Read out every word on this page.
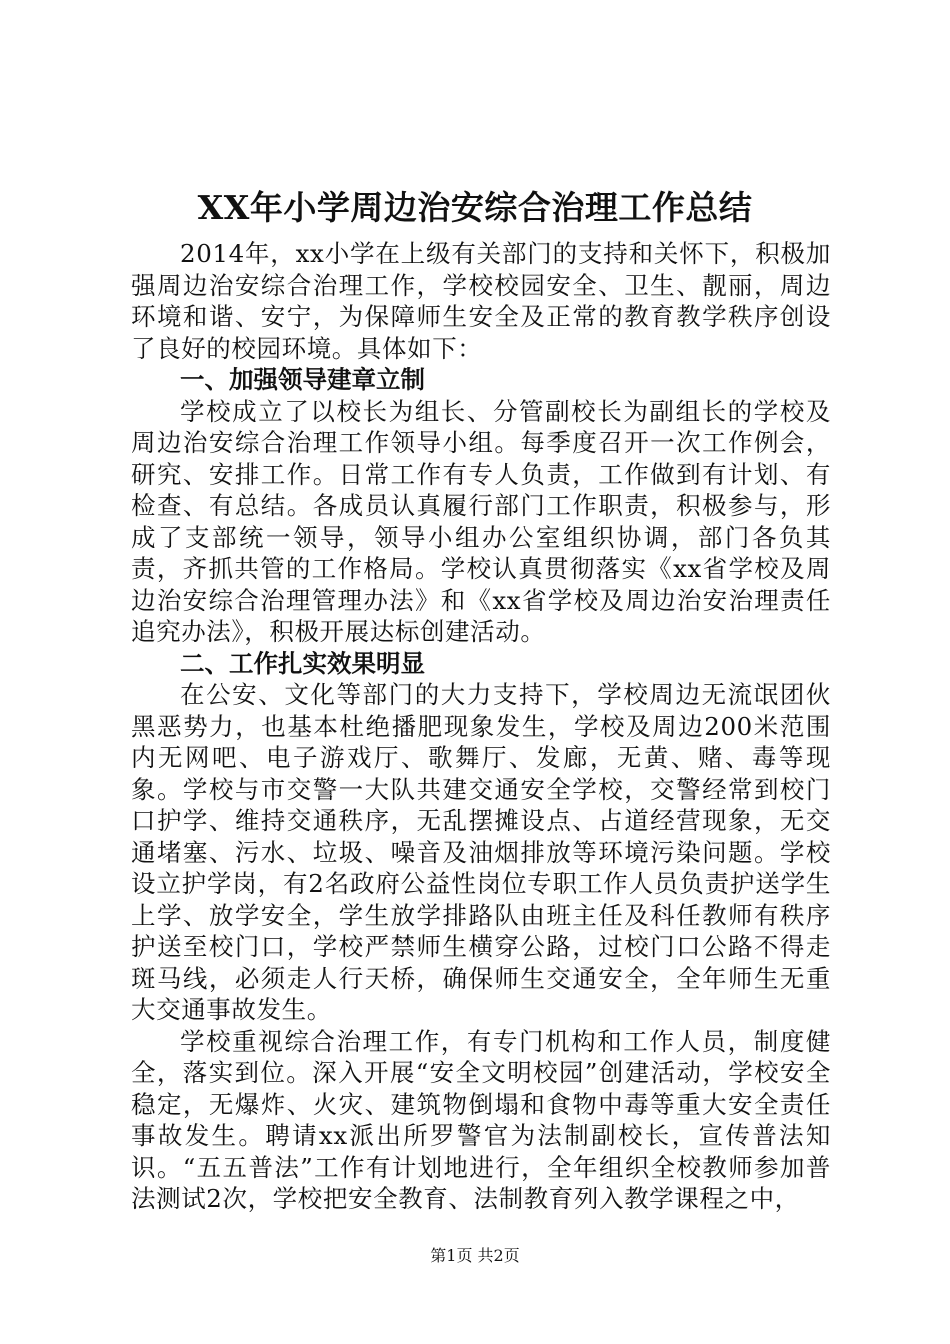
XX年小学周边治安综合治理工作总结

2014年，xx小学在上级有关部门的支持和关怀下，积极加强周边治安综合治理工作，学校校园安全、卫生、靓丽，周边环境和谐、安宁，为保障师生安全及正常的教育教学秩序创设了良好的校园环境。具体如下：

一、加强领导建章立制

学校成立了以校长为组长、分管副校长为副组长的学校及周边治安综合治理工作领导小组。每季度召开一次工作例会，研究、安排工作。日常工作有专人负责，工作做到有计划、有检查、有总结。各成员认真履行部门工作职责，积极参与，形成了支部统一领导，领导小组办公室组织协调，部门各负其责，齐抓共管的工作格局。学校认真贯彻落实《xx省学校及周边治安综合治理管理办法》和《xx省学校及周边治安治理责任追究办法》，积极开展达标创建活动。

二、工作扎实效果明显

在公安、文化等部门的大力支持下，学校周边无流氓团伙黑恶势力，也基本杜绝播肥现象发生，学校及周边200米范围内无网吧、电子游戏厅、歌舞厅、发廊，无黄、赌、毒等现象。学校与市交警一大队共建交通安全学校，交警经常到校门口护学、维持交通秩序，无乱摆摊设点、占道经营现象，无交通堵塞、污水、垃圾、噪音及油烟排放等环境污染问题。学校设立护学岗，有2名政府公益性岗位专职工作人员负责护送学生上学、放学安全，学生放学排路队由班主任及科任教师有秩序护送至校门口，学校严禁师生横穿公路，过校门口公路不得走斑马线，必须走人行天桥，确保师生交通安全，全年师生无重大交通事故发生。

学校重视综合治理工作，有专门机构和工作人员，制度健全，落实到位。深入开展“安全文明校园”创建活动，学校安全稳定，无爆炸、火灾、建筑物倒塌和食物中毒等重大安全责任事故发生。聘请xx派出所罗警官为法制副校长，宣传普法知识。“五五普法”工作有计划地进行，全年组织全校教师参加普法测试2次，学校把安全教育、法制教育列入教学课程之中，

第1页 共2页
